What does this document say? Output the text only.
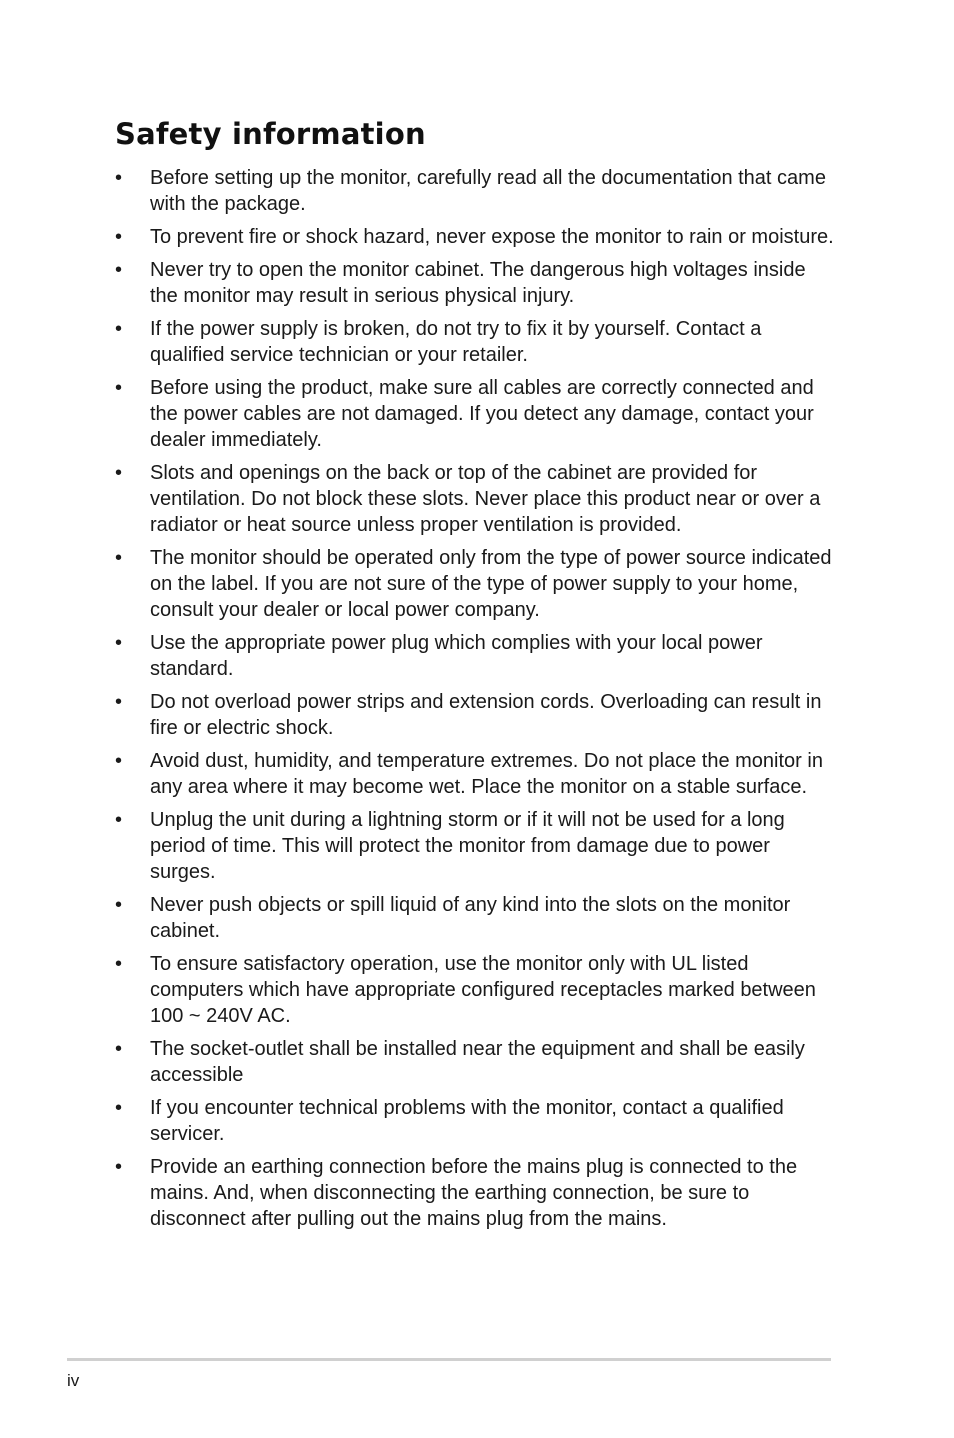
Safety information
•	Before setting up the monitor, carefully read all the documentation that came with the package.
•	To prevent fire or shock hazard, never expose the monitor to rain or moisture.
•	Never try to open the monitor cabinet. The dangerous high voltages inside the monitor may result in serious physical injury.
•	If the power supply is broken, do not try to fix it by yourself. Contact a qualified service technician or your retailer.
•	Before using the product, make sure all cables are correctly connected and the power cables are not damaged. If you detect any damage, contact your dealer immediately.
•	Slots and openings on the back or top of the cabinet are provided for ventilation. Do not block these slots. Never place this product near or over a radiator or heat source unless proper ventilation is provided.
•	The monitor should be operated only from the type of power source indicated on the label. If you are not sure of the type of power supply to your home, consult your dealer or local power company.
•	Use the appropriate power plug which complies with your local power standard.
•	Do not overload power strips and extension cords. Overloading can result in fire or electric shock.
•	Avoid dust, humidity, and temperature extremes. Do not place the monitor in any area where it may become wet. Place the monitor on a stable surface.
•	Unplug the unit during a lightning storm or if it will not be used for a long period of time. This will protect the monitor from damage due to power surges.
•	Never push objects or spill liquid of any kind into the slots on the monitor cabinet.
•	To ensure satisfactory operation, use the monitor only with UL listed computers which have appropriate configured receptacles marked between 100 ~ 240V AC.
•	The socket-outlet shall be installed near the equipment and shall be easily accessible
•	If you encounter technical problems with the monitor, contact a qualified servicer.
•	Provide an earthing connection before the mains plug is connected to the mains. And, when disconnecting the earthing connection, be sure to disconnect after pulling out the mains plug from the mains.
iv
